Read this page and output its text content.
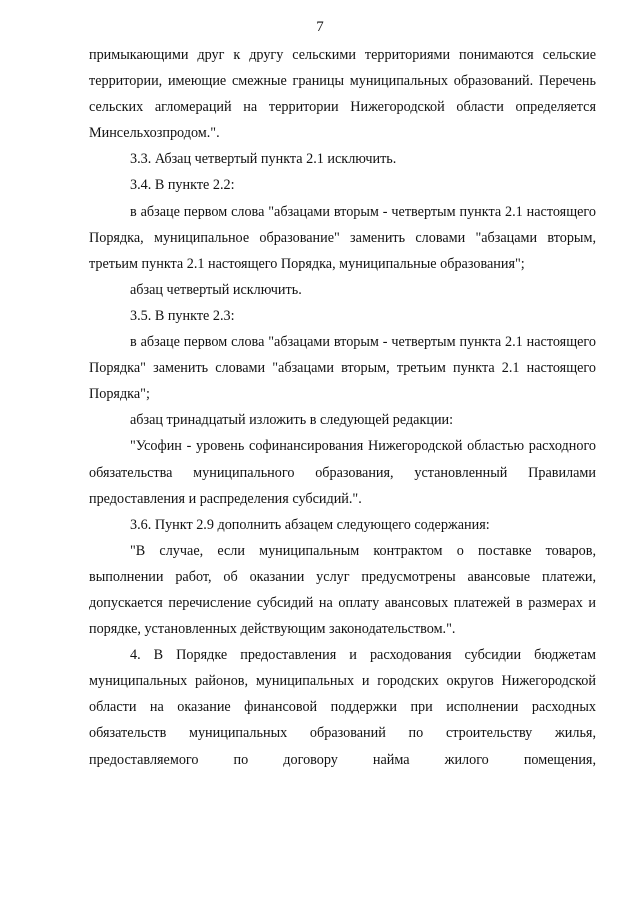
7

примыкающими друг к другу сельскими территориями понимаются сельские территории, имеющие смежные границы муниципальных образований. Перечень сельских агломераций на территории Нижегородской области определяется Минсельхозпродом.".

3.3. Абзац четвертый пункта 2.1 исключить.

3.4. В пункте 2.2:

в абзаце первом слова "абзацами вторым - четвертым пункта 2.1 настоящего Порядка, муниципальное образование" заменить словами "абзацами вторым, третьим пункта 2.1 настоящего Порядка, муниципальные образования";

абзац четвертый исключить.

3.5. В пункте 2.3:

в абзаце первом слова "абзацами вторым - четвертым пункта 2.1 настоящего Порядка" заменить словами "абзацами вторым, третьим пункта 2.1 настоящего Порядка";

абзац тринадцатый изложить в следующей редакции:

"Усофин - уровень софинансирования Нижегородской областью расходного обязательства муниципального образования, установленный Правилами предоставления и распределения субсидий.".

3.6. Пункт 2.9 дополнить абзацем следующего содержания:

"В случае, если муниципальным контрактом о поставке товаров, выполнении работ, об оказании услуг предусмотрены авансовые платежи, допускается перечисление субсидий на оплату авансовых платежей в размерах и порядке, установленных действующим законодательством.".

4. В Порядке предоставления и расходования субсидии бюджетам муниципальных районов, муниципальных и городских округов Нижегородской области на оказание финансовой поддержки при исполнении расходных обязательств муниципальных образований по строительству жилья, предоставляемого по договору найма жилого помещения,
